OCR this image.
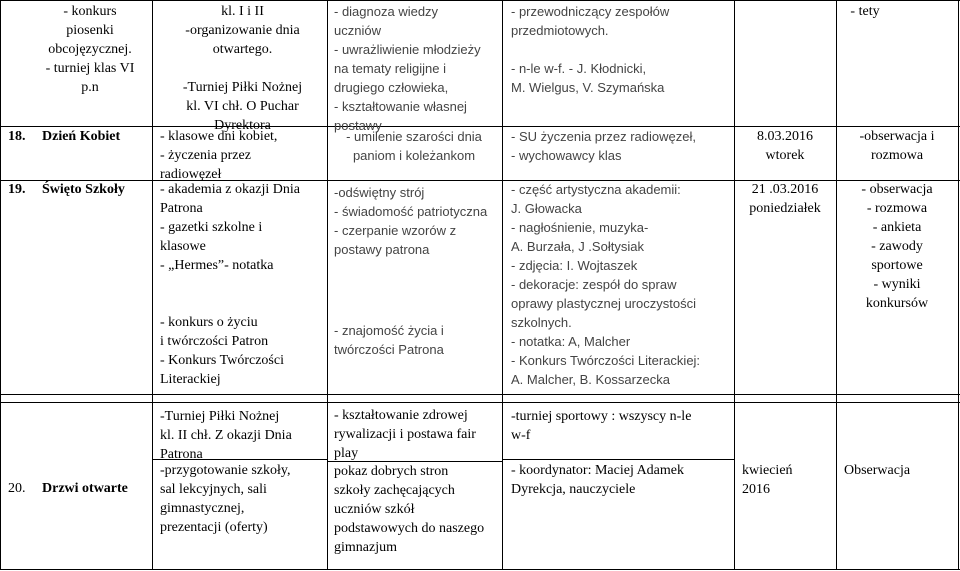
- konkurs
piosenki
obcojęzycznej.
- turniej klas VI
p.n
kl. I i II
-organizowanie dnia
otwartego.

-Turniej Piłki Nożnej
kl. VI chł. O Puchar
Dyrektora
- diagnoza wiedzy
uczniów
- uwrażliwienie młodzieży
na tematy religijne i
drugiego człowieka,
- kształtowanie własnej
postawy
- przewodniczący zespołów
przedmiotowych.

- n-le w-f. - J. Kłodnicki,
M. Wielgus, V. Szymańska
- tety
18. Dzień Kobiet	- klasowe dni kobiet,
- życzenia przez
radiowęzeł
- umilenie szarości dnia
paniom i koleżankom
- SU życzenia przez radiowęzeł,
- wychowawcy klas
8.03.2016
wtorek
-obserwacja i
rozmowa
19. Święto Szkoły	- akademia z okazji Dnia
Patrona
- gazetki szkolne i
klasowe
- „Hermes”- notatka

- konkurs o życiu
i twórczości Patron
- Konkurs Twórczości
Literackiej
-odświętny strój
- świadomość patriotyczna
- czerpanie wzorów z
postawy patrona
- znajomość życia i
twórczości Patrona
- część artystyczna akademii:
J. Głowacka
- nagłośnienie, muzyka-
A. Burzała, J .Sołtysiak
- zdjęcia: I. Wojtaszek
- dekoracje: zespół do spraw
oprawy plastycznej uroczystości
szkolnych.
- notatka: A, Malcher
- Konkurs Twórczości Literackiej:
A. Malcher, B. Kossarzecka
21 .03.2016
poniedziałek
- obserwacja
- rozmowa
- ankieta
- zawody
sportowe
- wyniki
konkursów
20. Drzwi otwarte
-Turniej Piłki Nożnej
kl. II chł. Z okazji Dnia
Patrona
-przygotowanie szkoły,
sal lekcyjnych, sali
gimnastycznej,
prezentacji (oferty)
- kształtowanie zdrowej
rywalizacji i postawa fair
play
pokaz dobrych stron
szkoły zachęcających
uczniów szkół
podstawowych do naszego
gimnazjum
-turniej sportowy : wszyscy n-le
w-f
- koordynator: Maciej Adamek
Dyrekcja, nauczyciele
kwiecień
2016
Obserwacja
